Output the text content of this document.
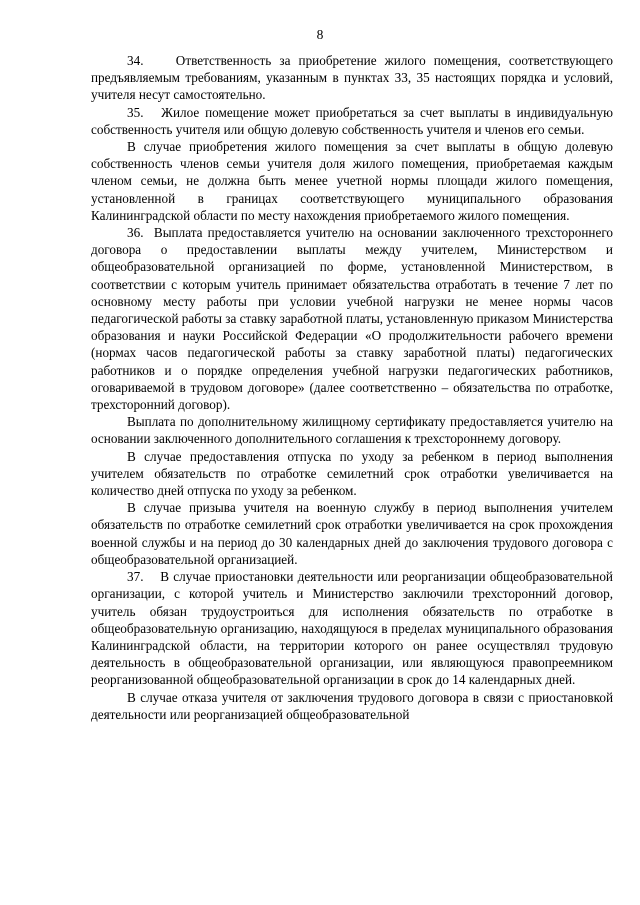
8

34.    Ответственность за приобретение жилого помещения, соответствующего предъявляемым требованиям, указанным в пунктах 33, 35 настоящих порядка и условий, учителя несут самостоятельно.

35.   Жилое помещение может приобретаться за счет выплаты в индивидуальную собственность учителя или общую долевую собственность учителя и членов его семьи.

В случае приобретения жилого помещения за счет выплаты в общую долевую собственность членов семьи учителя доля жилого помещения, приобретаемая каждым членом семьи, не должна быть менее учетной нормы площади жилого помещения, установленной в границах соответствующего муниципального образования Калининградской области по месту нахождения приобретаемого жилого помещения.

36.  Выплата предоставляется учителю на основании заключенного трехстороннего договора о предоставлении выплаты между учителем, Министерством и общеобразовательной организацией по форме, установленной Министерством, в соответствии с которым учитель принимает обязательства отработать в течение 7 лет по основному месту работы при условии учебной нагрузки не менее нормы часов педагогической работы за ставку заработной платы, установленную приказом Министерства образования и науки Российской Федерации «О продолжительности рабочего времени (нормах часов педагогической работы за ставку заработной платы) педагогических работников и о порядке определения учебной нагрузки педагогических работников, оговариваемой в трудовом договоре» (далее соответственно – обязательства по отработке, трехсторонний договор).

Выплата по дополнительному жилищному сертификату предоставляется учителю на основании заключенного дополнительного соглашения к трехстороннему договору.

В случае предоставления отпуска по уходу за ребенком в период выполнения учителем обязательств по отработке семилетний срок отработки увеличивается на количество дней отпуска по уходу за ребенком.

В случае призыва учителя на военную службу в период выполнения учителем обязательств по отработке семилетний срок отработки увеличивается на срок прохождения военной службы и на период до 30 календарных дней до заключения трудового договора с общеобразовательной организацией.

37.    В случае приостановки деятельности или реорганизации общеобразовательной организации, с которой учитель и Министерство заключили трехсторонний договор, учитель обязан трудоустроиться для исполнения обязательств по отработке в общеобразовательную организацию, находящуюся в пределах муниципального образования Калининградской области, на территории которого он ранее осуществлял трудовую деятельность в общеобразовательной организации, или являющуюся правопреемником реорганизованной общеобразовательной организации в срок до 14 календарных дней.

В случае отказа учителя от заключения трудового договора в связи с приостановкой деятельности или реорганизацией общеобразовательной
